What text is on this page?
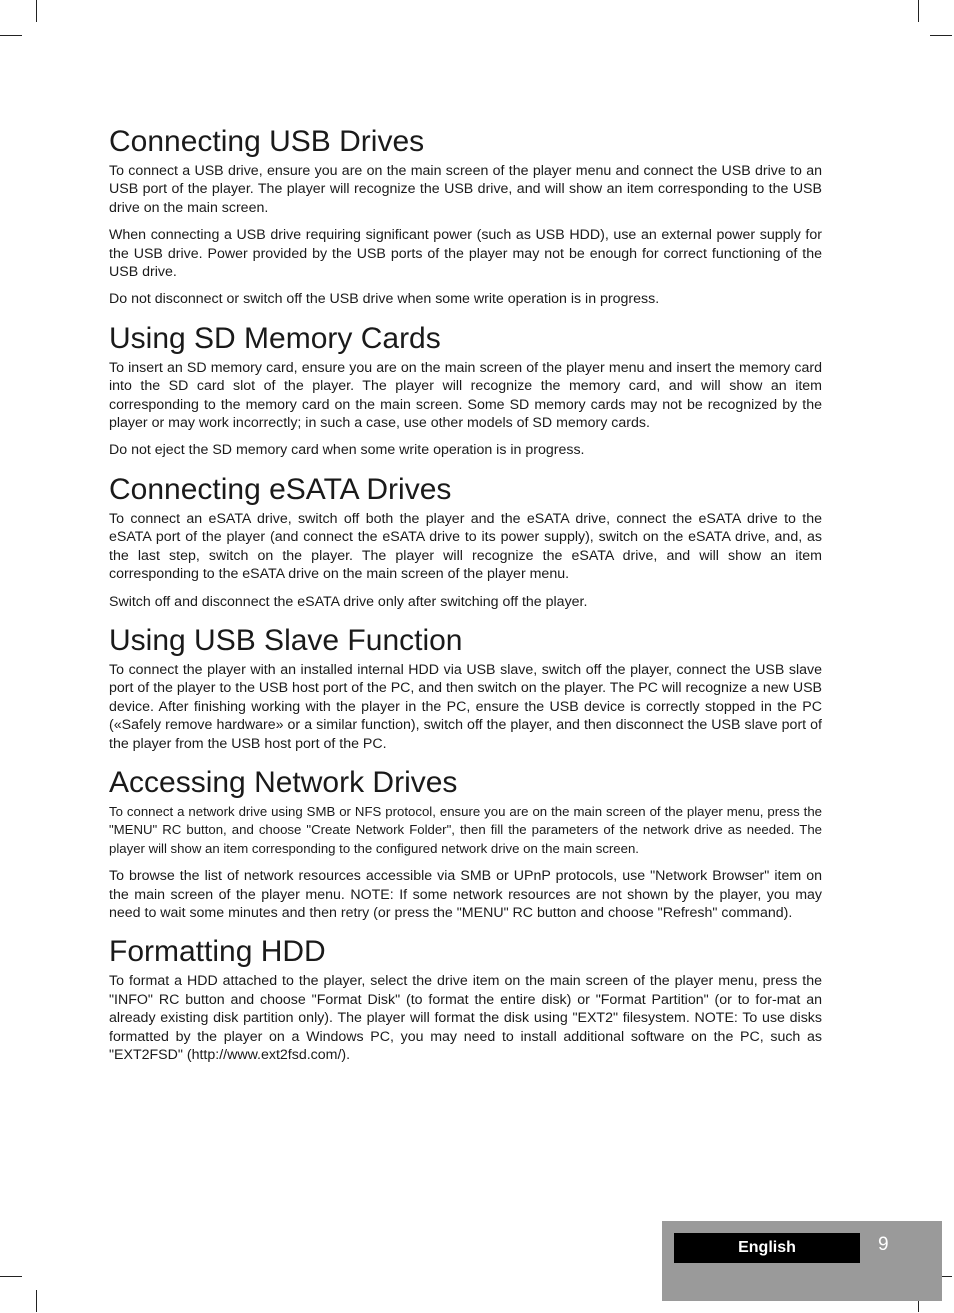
Connecting USB Drives

To connect a USB drive, ensure you are on the main screen of the player menu and connect the USB drive to an USB port of the player. The player will recognize the USB drive, and will show an item corresponding to the USB drive on the main screen.

When connecting a USB drive requiring significant power (such as USB HDD), use an external power supply for the USB drive. Power provided by the USB ports of the player may not be enough for correct functioning of the USB drive.

Do not disconnect or switch off the USB drive when some write operation is in progress.

Using SD Memory Cards

To insert an SD memory card, ensure you are on the main screen of the player menu and insert the memory card into the SD card slot of the player. The player will recognize the memory card, and will show an item corresponding to the memory card on the main screen. Some SD memory cards may not be recognized by the player or may work incorrectly; in such a case, use other models of SD memory cards.

Do not eject the SD memory card when some write operation is in progress.

Connecting eSATA Drives

To connect an eSATA drive, switch off both the player and the eSATA drive, connect the eSATA drive to the eSATA port of the player (and connect the eSATA drive to its power supply), switch on the eSATA drive, and, as the last step, switch on the player. The player will recognize the eSATA drive, and will show an item corresponding to the eSATA drive on the main screen of the player menu.

Switch off and disconnect the eSATA drive only after switching off the player.

Using USB Slave Function

To connect the player with an installed internal HDD via USB slave, switch off the player, connect the USB slave port of the player to the USB host port of the PC, and then switch on the player. The PC will recognize a new USB device. After finishing working with the player in the PC, ensure the USB device is correctly stopped in the PC («Safely remove hardware» or a similar function), switch off the player, and then disconnect the USB slave port of the player from the USB host port of the PC.

Accessing Network Drives

To connect a network drive using SMB or NFS protocol, ensure you are on the main screen of the player menu, press the "MENU" RC button, and choose "Create Network Folder", then fill the parameters of the network drive as needed. The player will show an item corresponding to the configured network drive on the main screen.

To browse the list of network resources accessible via SMB or UPnP protocols, use "Network Browser" item on the main screen of the player menu. NOTE: If some network resources are not shown by the player, you may need to wait some minutes and then retry (or press the "MENU" RC button and choose "Refresh" command).

Formatting HDD

To format a HDD attached to the player, select the drive item on the main screen of the player menu, press the "INFO" RC button and choose "Format Disk" (to format the entire disk) or "Format Partition" (or to for-mat an already existing disk partition only). The player will format the disk using "EXT2" filesystem. NOTE: To use disks formatted by the player on a Windows PC, you may need to install additional software on the PC, such as "EXT2FSD" (http://www.ext2fsd.com/).

English	9
